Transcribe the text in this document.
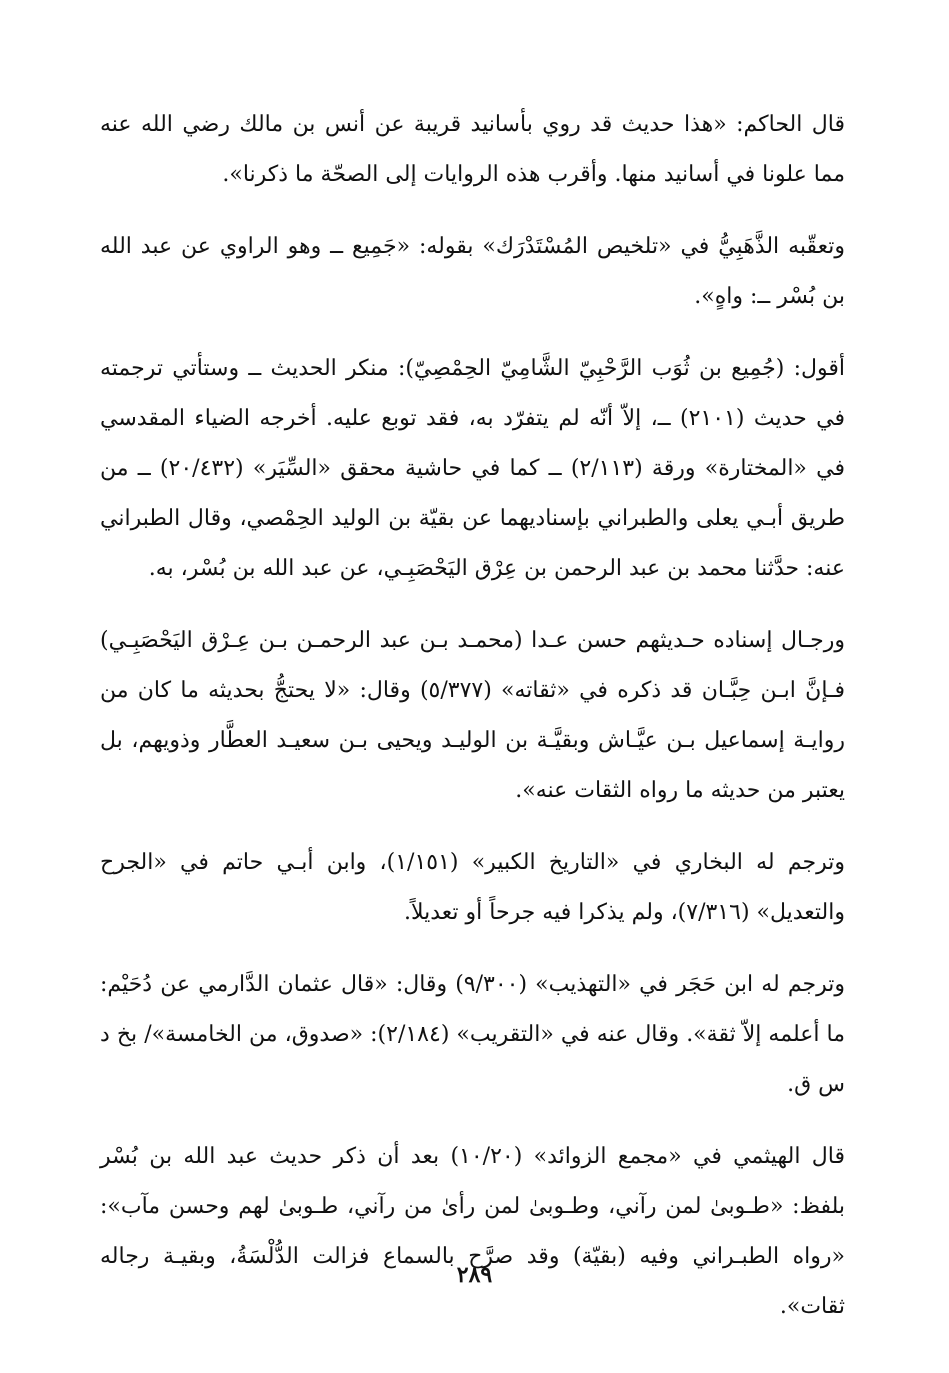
قال الحاكم: «هذا حديث قد روي بأسانيد قريبة عن أنس بن مالك رضي الله عنه مما علونا في أسانيد منها. وأقرب هذه الروايات إلى الصحّة ما ذكرنا».

وتعقّبه الذَّهَبِيُّ في «تلخيص المُسْتَدْرَك» بقوله: «جَمِيع ــ وهو الراوي عن عبد الله بن بُسْر ــ: واهٍ».

أقول: (جُمِيع بن ثُوَب الرَّحْبِيّ الشَّامِيّ الحِمْصِيّ): منكر الحديث ــ وستأتي ترجمته في حديث (٢١٠١) ــ، إلاّ أنّه لم يتفرّد به، فقد توبع عليه. أخرجه الضياء المقدسي في «المختارة» ورقة (٢/١١٣) ــ كما في حاشية محقق «السِّيَر» (٢٠/٤٣٢) ــ من طريق أبـي يعلى والطبراني بإسناديهما عن بقيّة بن الوليد الحِمْصي، وقال الطبراني عنه: حدَّثنا محمد بن عبد الرحمن بن عِرْق اليَحْصَبِـي، عن عبد الله بن بُسْر، به.

ورجـال إسناده حـديثهم حسن عـدا (محمـد بـن عبد الرحمـن بـن عِـرْق اليَحْصَبِـي) فـإنَّ ابـن حِبَّـان قد ذكره في «ثقاته» (٥/٣٧٧) وقال: «لا يحتجُّ بحديثه ما كان من روايـة إسماعيل بـن عيَّـاش وبقيَّـة بن الوليـد ويحيى بـن سعيـد العطَّار وذويهم، بل يعتبر من حديثه ما رواه الثقات عنه».

وترجم له البخاري في «التاريخ الكبير» (١/١٥١)، وابن أبـي حاتم في «الجرح والتعديل» (٧/٣١٦)، ولم يذكرا فيه جرحاً أو تعديلاً.

وترجم له ابن حَجَر في «التهذيب» (٩/٣٠٠) وقال: «قال عثمان الدَّارمي عن دُحَيْم: ما أعلمه إلاّ ثقة». وقال عنه في «التقريب» (٢/١٨٤): «صدوق، من الخامسة»/ بخ د س ق.

قال الهيثمي في «مجمع الزوائد» (١٠/٢٠) بعد أن ذكر حديث عبد الله بن بُسْر بلفظ: «طـوبىٰ لمن رآني، وطـوبىٰ لمن رأىٰ من رآني، طـوبىٰ لهم وحسن مآب»: «رواه الطبـراني وفيه (بقيّة) وقد صرَّح بالسماع فزالت الدُّلْسَةُ، وبقيـة رجاله ثقات».

٢٨٩
